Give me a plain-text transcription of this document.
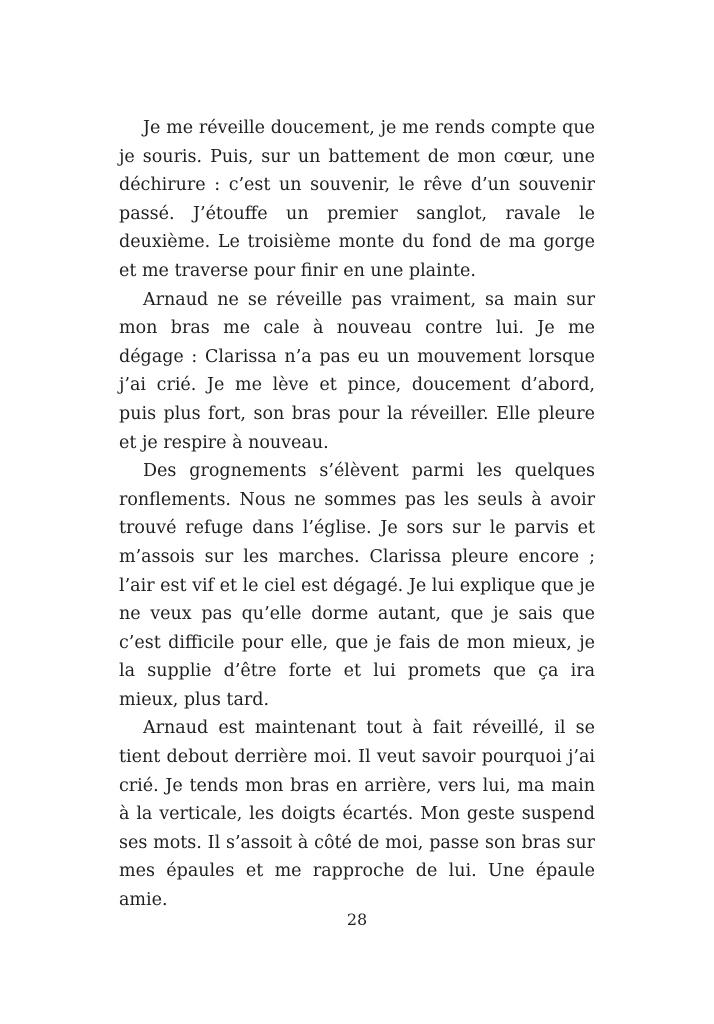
Je me réveille doucement, je me rends compte que je souris. Puis, sur un battement de mon cœur, une déchirure : c’est un souvenir, le rêve d’un souvenir passé. J’étouffe un premier sanglot, ravale le deuxième. Le troisième monte du fond de ma gorge et me traverse pour finir en une plainte.

Arnaud ne se réveille pas vraiment, sa main sur mon bras me cale à nouveau contre lui. Je me dégage : Clarissa n’a pas eu un mouvement lorsque j’ai crié. Je me lève et pince, doucement d’abord, puis plus fort, son bras pour la réveiller. Elle pleure et je respire à nouveau.

Des grognements s’élèvent parmi les quelques ronflements. Nous ne sommes pas les seuls à avoir trouvé refuge dans l’église. Je sors sur le parvis et m’assois sur les marches. Clarissa pleure encore ; l’air est vif et le ciel est dégagé. Je lui explique que je ne veux pas qu’elle dorme autant, que je sais que c’est difficile pour elle, que je fais de mon mieux, je la supplie d’être forte et lui promets que ça ira mieux, plus tard.

Arnaud est maintenant tout à fait réveillé, il se tient debout derrière moi. Il veut savoir pourquoi j’ai crié. Je tends mon bras en arrière, vers lui, ma main à la verticale, les doigts écartés. Mon geste suspend ses mots. Il s’assoit à côté de moi, passe son bras sur mes épaules et me rapproche de lui. Une épaule amie.

28
